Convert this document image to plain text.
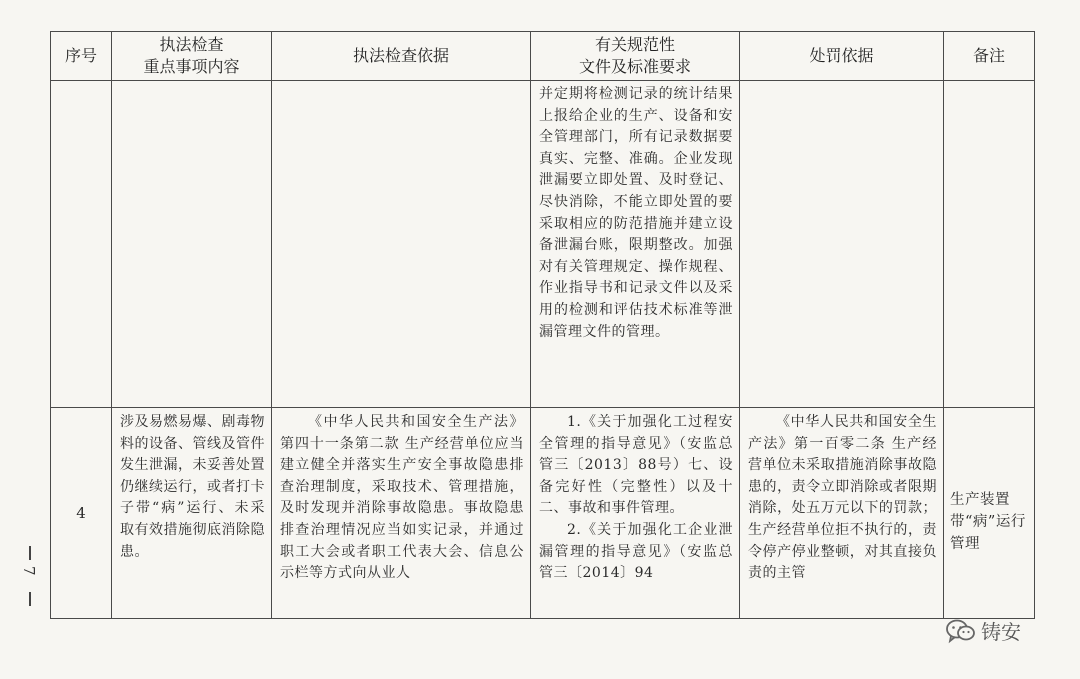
序号	执法检查
重点事项内容	执法检查依据	有关规范性
文件及标准要求	处罚依据	备注

			并定期将检测记录的统计结果上报给企业的生产、设备和安全管理部门，所有记录数据要真实、完整、准确。企业发现泄漏要立即处置、及时登记、尽快消除，不能立即处置的要采取相应的防范措施并建立设备泄漏台账，限期整改。加强对有关管理规定、操作规程、作业指导书和记录文件以及采用的检测和评估技术标准等泄漏管理文件的管理。		

4	涉及易燃易爆、剧毒物料的设备、管线及管件发生泄漏，未妥善处置仍继续运行，或者打卡子带“病”运行、未采取有效措施彻底消除隐患。	《中华人民共和国安全生产法》第四十一条第二款 生产经营单位应当建立健全并落实生产安全事故隐患排查治理制度，采取技术、管理措施，及时发现并消除事故隐患。事故隐患排查治理情况应当如实记录，并通过职工大会或者职工代表大会、信息公示栏等方式向从业人	1.《关于加强化工过程安全管理的指导意见》（安监总管三〔2013〕88号）七、设备完好性（完整性）以及十二、事故和事件管理。

2.《关于加强化工企业泄漏管理的指导意见》（安监总管三〔2014〕94	《中华人民共和国安全生产法》第一百零二条 生产经营单位未采取措施消除事故隐患的，责令立即消除或者限期消除，处五万元以下的罚款；生产经营单位拒不执行的，责令停产停业整顿，对其直接负责的主管	生产装置带“病”运行管理
7
铸安
